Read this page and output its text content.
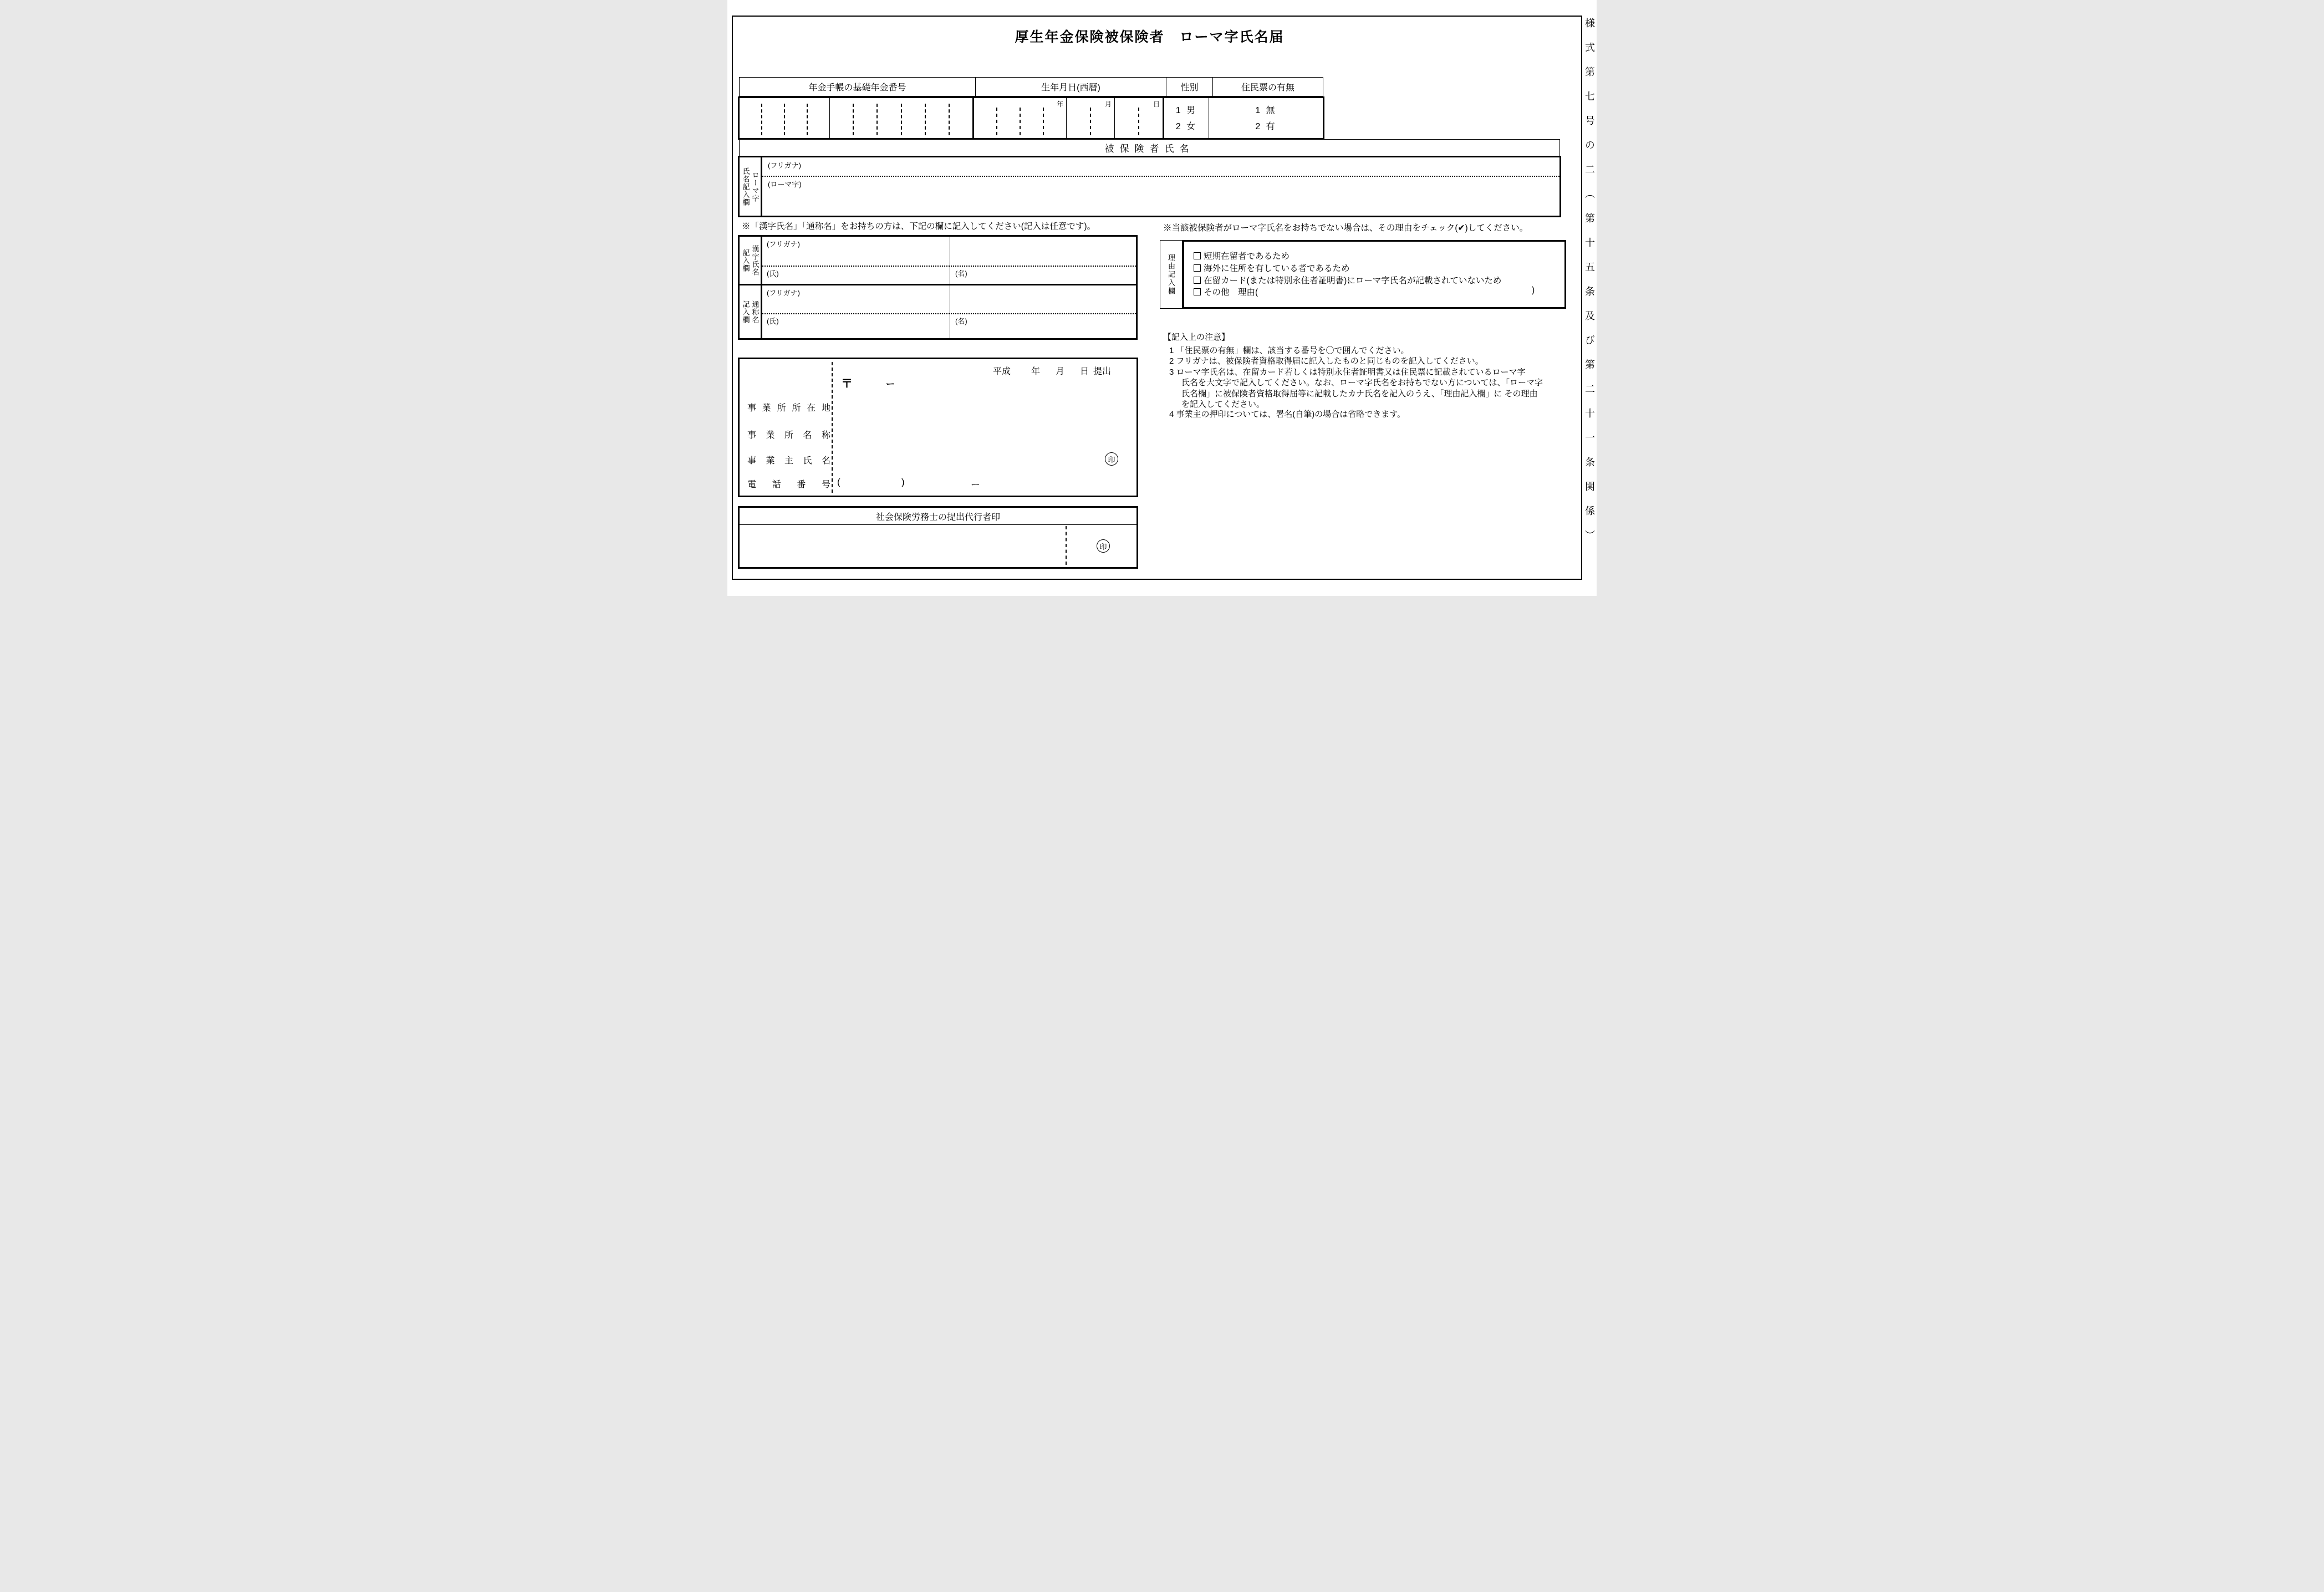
様式第七号の二（第十五条及び第二十一条関係）
厚生年金保険被保険者　ローマ字氏名届
年金手帳の基礎年金番号	生年月日(西暦)	性別	住民票の有無
年	月	日
1 男
2 女
1 無
2 有
被保険者氏名
ローマ字
氏名記入欄
(フリガナ)
(ローマ字)
※「漢字氏名」「通称名」をお持ちの方は、下記の欄に記入してください(記入は任意です)。	※当該被保険者がローマ字氏名をお持ちでない場合は、その理由をチェック(✔)してください。
漢字氏名
記入欄
(フリガナ)
(氏)	(名)
通称名
記入欄
(フリガナ)
(氏)	(名)
理由記入欄	短期在留者であるため
海外に住所を有している者であるため
在留カード(または特別永住者証明書)にローマ字氏名が記載されていないため
その他　理由(	)
【記入上の注意】
1 「住民票の有無」欄は、該当する番号を〇で囲んでください。
2 フリガナは、被保険者資格取得届に記入したものと同じものを記入してください。
3 ローマ字氏名は、在留カード若しくは特別永住者証明書又は住民票に記載されているローマ字
氏名を大文字で記入してください。なお、ローマ字氏名をお持ちでない方については、「ローマ字
氏名欄」に被保険者資格取得届等に記載したカナ氏名を記入のうえ、「理由記入欄」に その理由
を記入してください。
4 事業主の押印については、署名(自筆)の場合は省略できます。
平成 年 月 日 提出
〒	ー
事業所所在地
事業所名称
事業主氏名
電話番号
印
(	)	ー
社会保険労務士の提出代行者印
印
